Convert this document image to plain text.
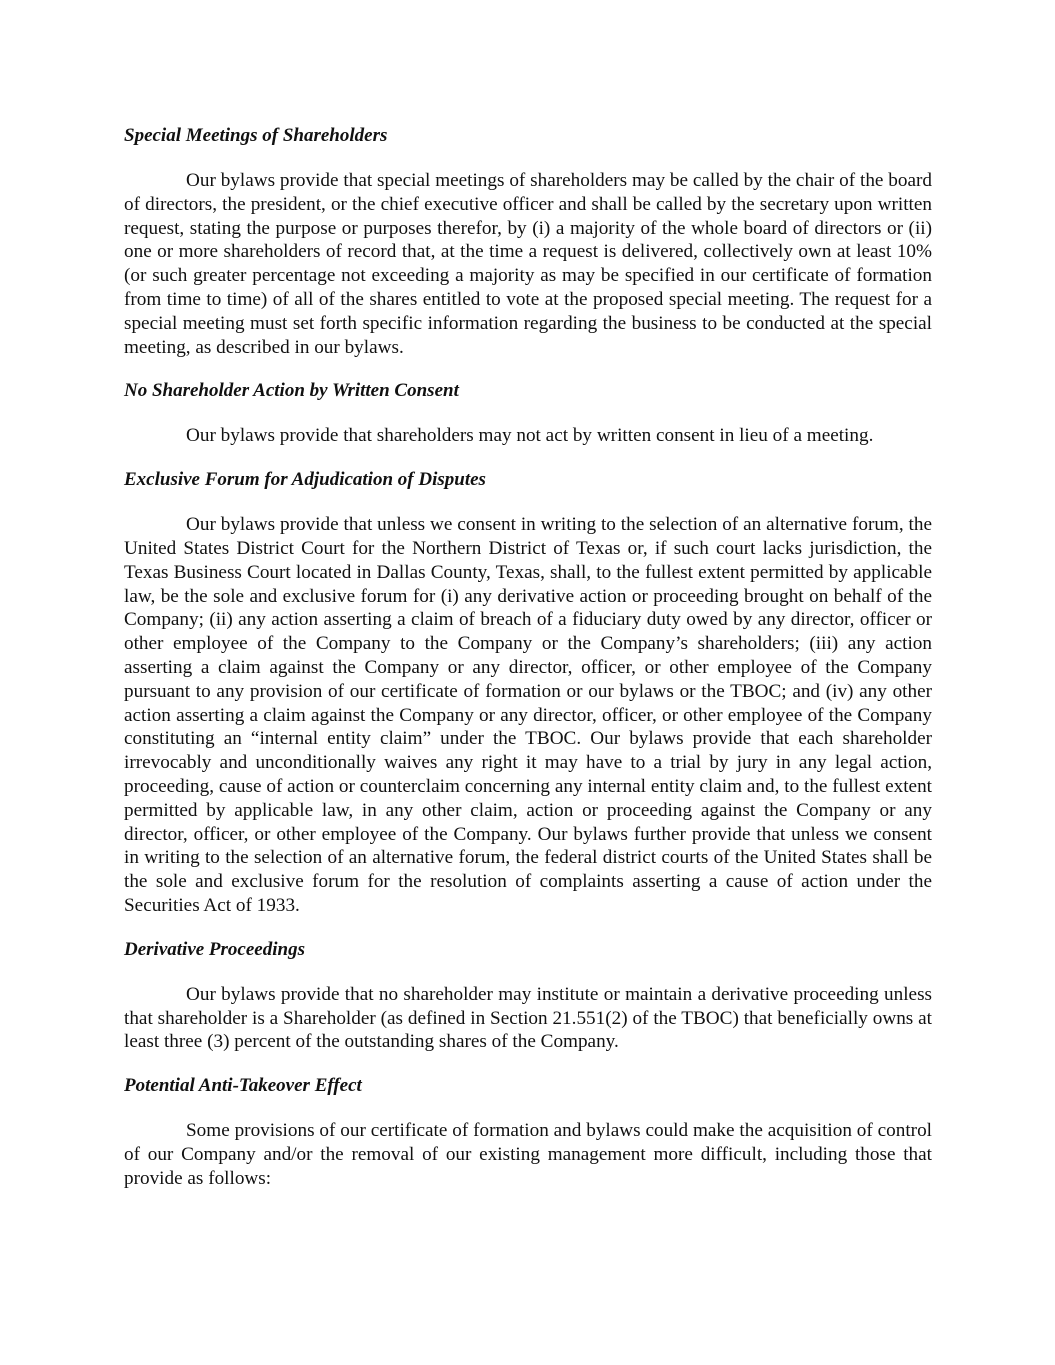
Special Meetings of Shareholders

Our bylaws provide that special meetings of shareholders may be called by the chair of the board of directors, the president, or the chief executive officer and shall be called by the secretary upon written request, stating the purpose or purposes therefor, by (i) a majority of the whole board of directors or (ii) one or more shareholders of record that, at the time a request is delivered, collectively own at least 10% (or such greater percentage not exceeding a majority as may be specified in our certificate of formation from time to time) of all of the shares entitled to vote at the proposed special meeting. The request for a special meeting must set forth specific information regarding the business to be conducted at the special meeting, as described in our bylaws.

No Shareholder Action by Written Consent

Our bylaws provide that shareholders may not act by written consent in lieu of a meeting.

Exclusive Forum for Adjudication of Disputes

Our bylaws provide that unless we consent in writing to the selection of an alternative forum, the United States District Court for the Northern District of Texas or, if such court lacks jurisdiction, the Texas Business Court located in Dallas County, Texas, shall, to the fullest extent permitted by applicable law, be the sole and exclusive forum for (i) any derivative action or proceeding brought on behalf of the Company; (ii) any action asserting a claim of breach of a fiduciary duty owed by any director, officer or other employee of the Company to the Company or the Company’s shareholders; (iii) any action asserting a claim against the Company or any director, officer, or other employee of the Company pursuant to any provision of our certificate of formation or our bylaws or the TBOC; and (iv) any other action asserting a claim against the Company or any director, officer, or other employee of the Company constituting an “internal entity claim” under the TBOC. Our bylaws provide that each shareholder irrevocably and unconditionally waives any right it may have to a trial by jury in any legal action, proceeding, cause of action or counterclaim concerning any internal entity claim and, to the fullest extent permitted by applicable law, in any other claim, action or proceeding against the Company or any director, officer, or other employee of the Company. Our bylaws further provide that unless we consent in writing to the selection of an alternative forum, the federal district courts of the United States shall be the sole and exclusive forum for the resolution of complaints asserting a cause of action under the Securities Act of 1933.

Derivative Proceedings

Our bylaws provide that no shareholder may institute or maintain a derivative proceeding unless that shareholder is a Shareholder (as defined in Section 21.551(2) of the TBOC) that beneficially owns at least three (3) percent of the outstanding shares of the Company.

Potential Anti-Takeover Effect

Some provisions of our certificate of formation and bylaws could make the acquisition of control of our Company and/or the removal of our existing management more difficult, including those that provide as follows:
